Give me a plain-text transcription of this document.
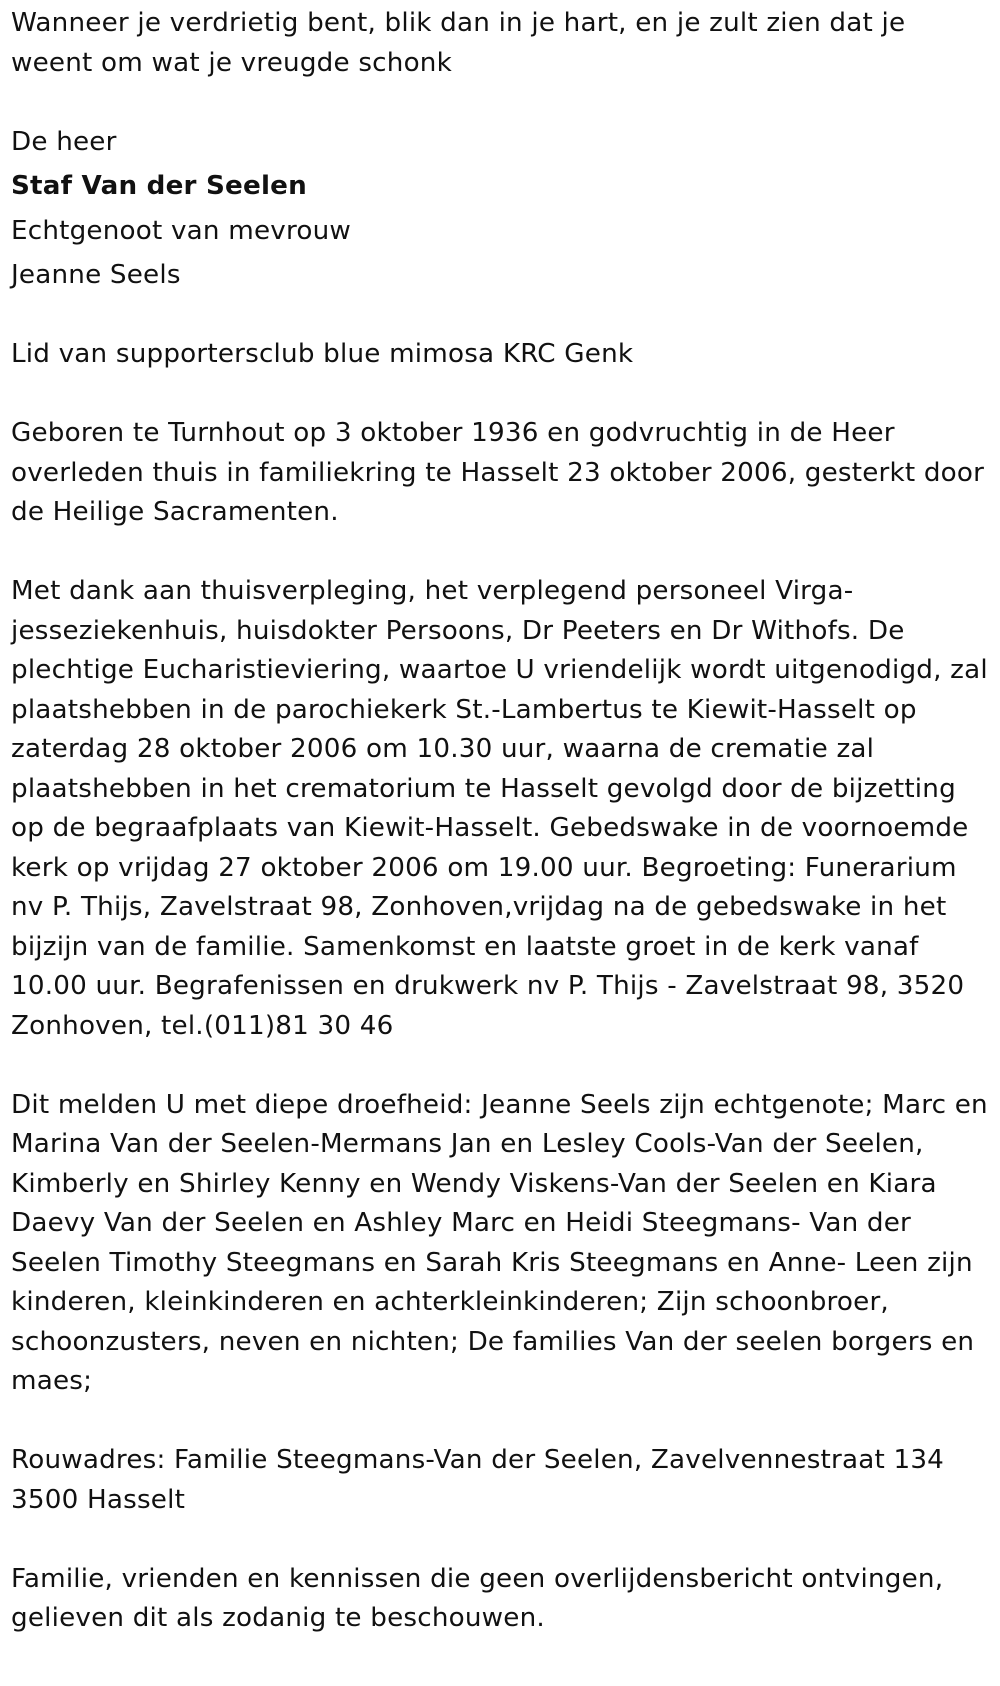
Wanneer je verdrietig bent, blik dan in je hart, en je zult zien dat je weent om wat je vreugde schonk

De heer

Staf Van der Seelen

Echtgenoot van mevrouw

Jeanne Seels

Lid van supportersclub blue mimosa KRC Genk

Geboren te Turnhout op 3 oktober 1936 en godvruchtig in de Heer overleden thuis in familiekring te Hasselt 23 oktober 2006, gesterkt door de Heilige Sacramenten.

Met dank aan thuisverpleging, het verplegend personeel Virga-jesseziekenhuis, huisdokter Persoons, Dr Peeters en Dr Withofs. De plechtige Eucharistieviering, waartoe U vriendelijk wordt uitgenodigd, zal plaatshebben in de parochiekerk St.-Lambertus te Kiewit-Hasselt op zaterdag 28 oktober 2006 om 10.30 uur, waarna de crematie zal plaatshebben in het crematorium te Hasselt gevolgd door de bijzetting op de begraafplaats van Kiewit-Hasselt. Gebedswake in de voornoemde kerk op vrijdag 27 oktober 2006 om 19.00 uur. Begroeting: Funerarium nv P. Thijs, Zavelstraat 98, Zonhoven,vrijdag na de gebedswake in het bijzijn van de familie. Samenkomst en laatste groet in de kerk vanaf 10.00 uur. Begrafenissen en drukwerk nv P. Thijs - Zavelstraat 98, 3520 Zonhoven, tel.(011)81 30 46

Dit melden U met diepe droefheid: Jeanne Seels zijn echtgenote; Marc en Marina Van der Seelen-Mermans Jan en Lesley Cools-Van der Seelen, Kimberly en Shirley Kenny en Wendy Viskens-Van der Seelen en Kiara Daevy Van der Seelen en Ashley Marc en Heidi Steegmans- Van der Seelen Timothy Steegmans en Sarah Kris Steegmans en Anne- Leen zijn kinderen, kleinkinderen en achterkleinkinderen; Zijn schoonbroer, schoonzusters, neven en nichten; De families Van der seelen borgers en maes;

Rouwadres: Familie Steegmans-Van der Seelen, Zavelvennestraat 134 3500 Hasselt

Familie, vrienden en kennissen die geen overlijdensbericht ontvingen, gelieven dit als zodanig te beschouwen.
